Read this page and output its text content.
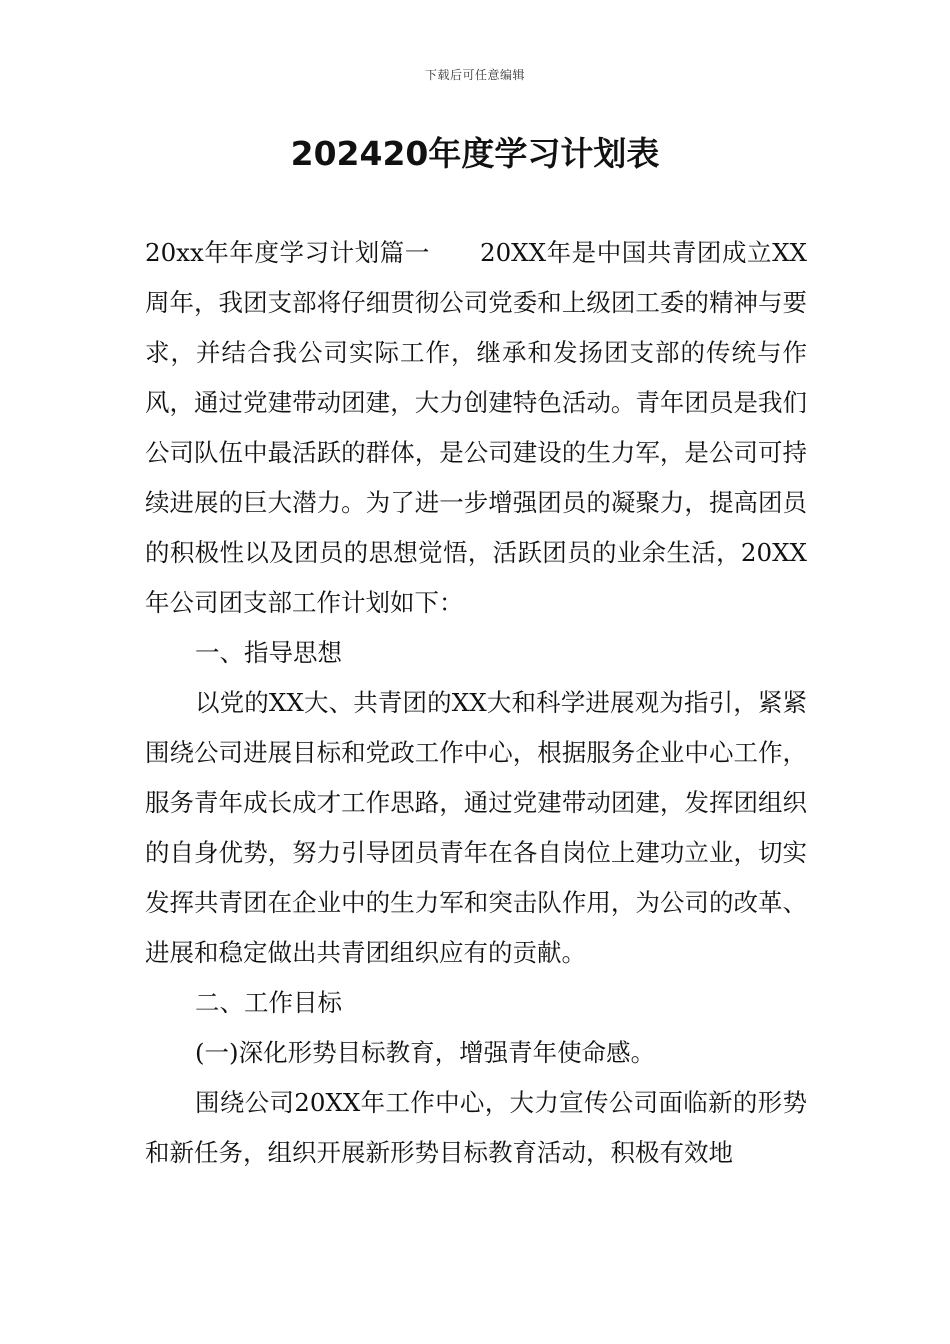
下载后可任意编辑
202420年度学习计划表

20xx年年度学习计划篇一　　20XX年是中国共青团成立XX周年，我团支部将仔细贯彻公司党委和上级团工委的精神与要求，并结合我公司实际工作，继承和发扬团支部的传统与作风，通过党建带动团建，大力创建特色活动。青年团员是我们公司队伍中最活跃的群体，是公司建设的生力军，是公司可持续进展的巨大潜力。为了进一步增强团员的凝聚力，提高团员的积极性以及团员的思想觉悟，活跃团员的业余生活，20XX年公司团支部工作计划如下：

一、指导思想

以党的XX大、共青团的XX大和科学进展观为指引，紧紧围绕公司进展目标和党政工作中心，根据服务企业中心工作，服务青年成长成才工作思路，通过党建带动团建，发挥团组织的自身优势，努力引导团员青年在各自岗位上建功立业，切实发挥共青团在企业中的生力军和突击队作用，为公司的改革、进展和稳定做出共青团组织应有的贡献。

二、工作目标

(一)深化形势目标教育，增强青年使命感。

围绕公司20XX年工作中心，大力宣传公司面临新的形势和新任务，组织开展新形势目标教育活动，积极有效地
